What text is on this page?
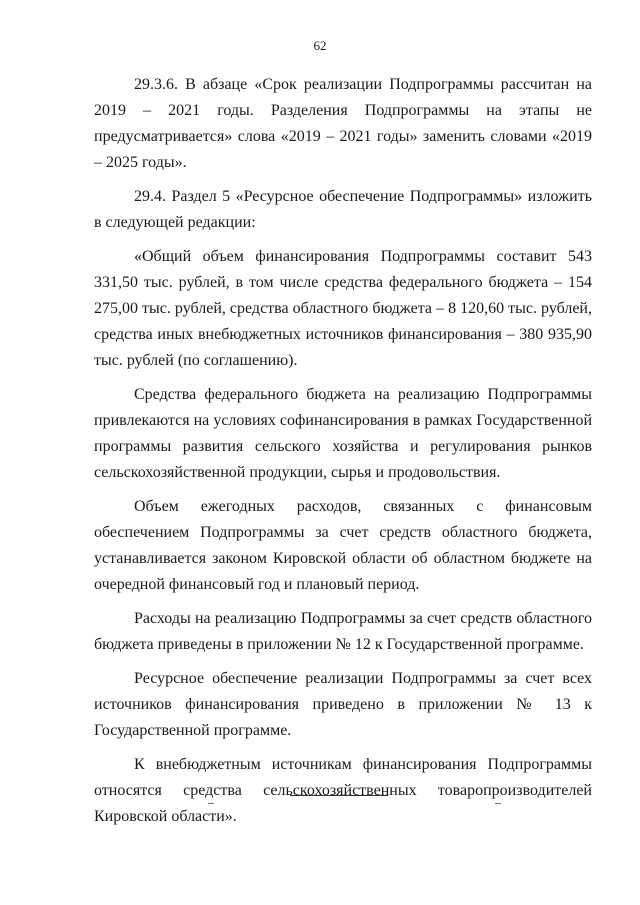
62

29.3.6. В абзаце «Срок реализации Подпрограммы рассчитан на 2019 – 2021 годы. Разделения Подпрограммы на этапы не предусматривается» слова «2019 – 2021 годы» заменить словами «2019 – 2025 годы».

29.4. Раздел 5 «Ресурсное обеспечение Подпрограммы» изложить в следующей редакции:

«Общий объем финансирования Подпрограммы составит 543 331,50 тыс. рублей, в том числе средства федерального бюджета – 154 275,00 тыс. рублей, средства областного бюджета – 8 120,60 тыс. рублей, средства иных внебюджетных источников финансирования – 380 935,90 тыс. рублей (по соглашению).

Средства федерального бюджета на реализацию Подпрограммы привлекаются на условиях софинансирования в рамках Государственной программы развития сельского хозяйства и регулирования рынков сельскохозяйственной продукции, сырья и продовольствия.

Объем ежегодных расходов, связанных с финансовым обеспечением Подпрограммы за счет средств областного бюджета, устанавливается законом Кировской области об областном бюджете на очередной финансовый год и плановый период.

Расходы на реализацию Подпрограммы за счет средств областного бюджета приведены в приложении № 12 к Государственной программе.

Ресурсное обеспечение реализации Подпрограммы за счет всех источников финансирования приведено в приложении № 13 к Государственной программе.

К внебюджетным источникам финансирования Подпрограммы относятся средства сельскохозяйственных товаропроизводителей Кировской области».
